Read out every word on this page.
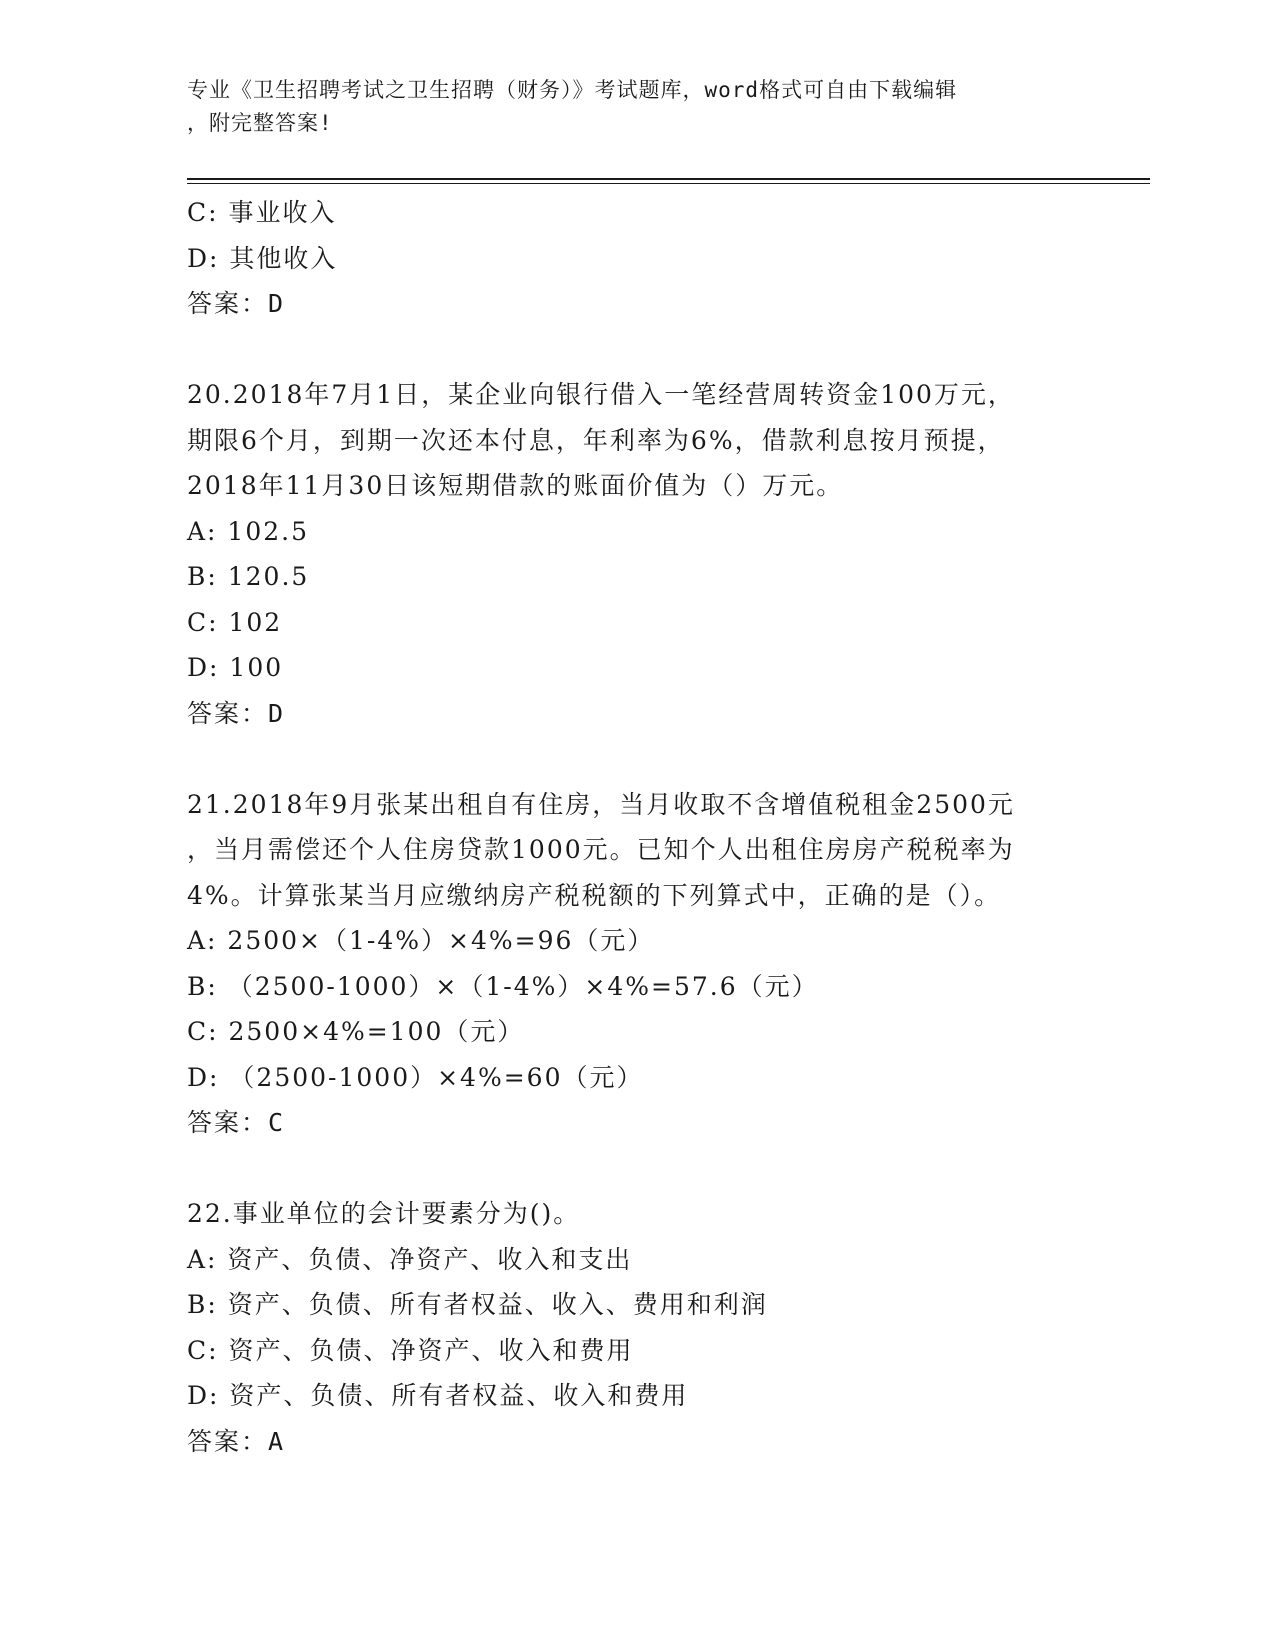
专业《卫生招聘考试之卫生招聘（财务）》考试题库，word格式可自由下载编辑
，附完整答案!
C: 事业收入
D: 其他收入
答案：D
20.2018年7月1日，某企业向银行借入一笔经营周转资金100万元，
期限6个月，到期一次还本付息，年利率为6%，借款利息按月预提，
2018年11月30日该短期借款的账面价值为（）万元。
A: 102.5
B: 120.5
C: 102
D: 100
答案：D
21.2018年9月张某出租自有住房，当月收取不含增值税租金2500元
，当月需偿还个人住房贷款1000元。已知个人出租住房房产税税率为
4%。计算张某当月应缴纳房产税税额的下列算式中，正确的是（）。
A: 2500×（1-4%）×4%=96（元）
B: （2500-1000）×（1-4%）×4%=57.6（元）
C: 2500×4%=100（元）
D: （2500-1000）×4%=60（元）
答案：C
22.事业单位的会计要素分为()。
A: 资产、负债、净资产、收入和支出
B: 资产、负债、所有者权益、收入、费用和利润
C: 资产、负债、净资产、收入和费用
D: 资产、负债、所有者权益、收入和费用
答案：A
